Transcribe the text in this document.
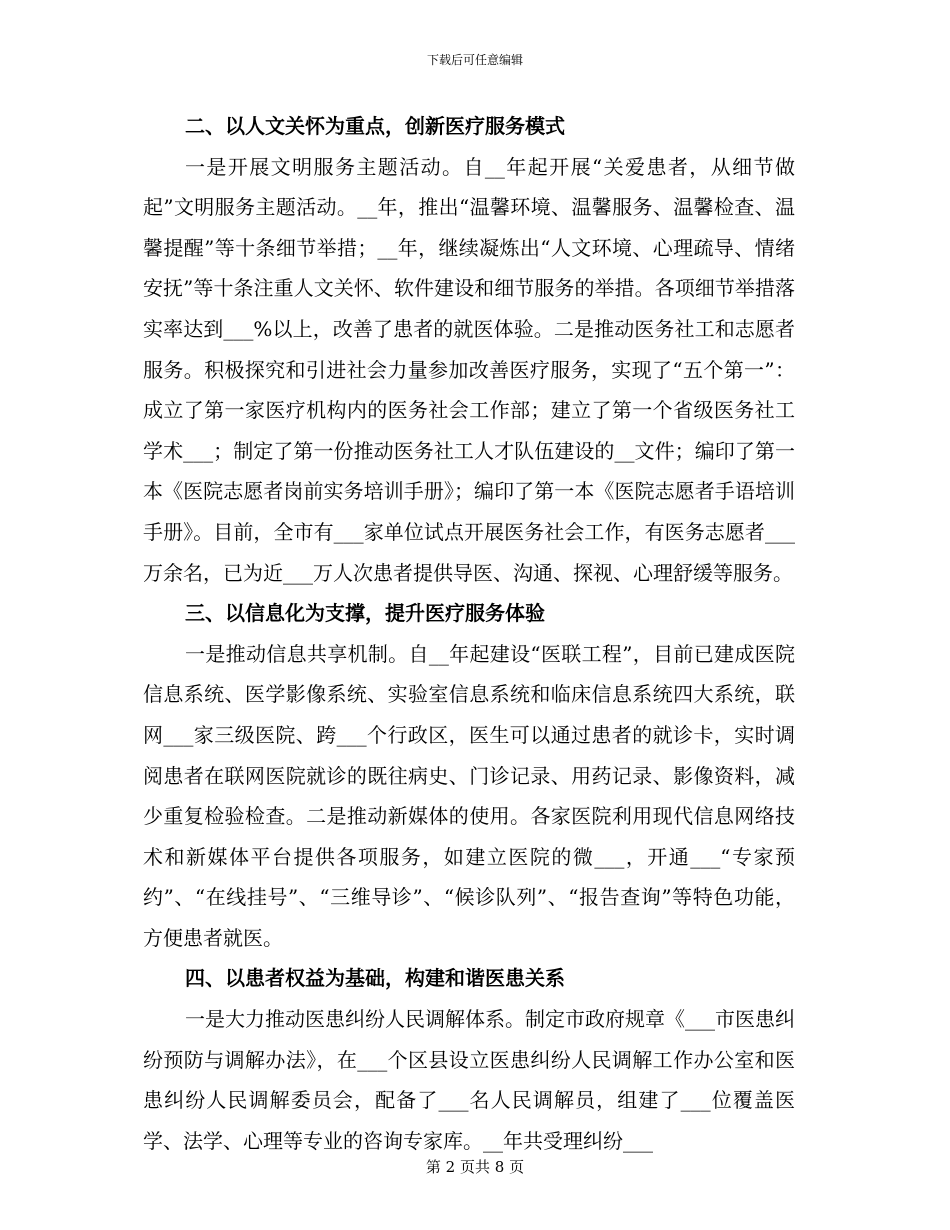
下载后可任意编辑

二、以人文关怀为重点，创新医疗服务模式

一是开展文明服务主题活动。自__年起开展“关爱患者，从细节做起”文明服务主题活动。__年，推出“温馨环境、温馨服务、温馨检查、温馨提醒”等十条细节举措；__年，继续凝炼出“人文环境、心理疏导、情绪安抚”等十条注重人文关怀、软件建设和细节服务的举措。各项细节举措落实率达到___%以上，改善了患者的就医体验。二是推动医务社工和志愿者服务。积极探究和引进社会力量参加改善医疗服务，实现了“五个第一”：成立了第一家医疗机构内的医务社会工作部；建立了第一个省级医务社工学术___；制定了第一份推动医务社工人才队伍建设的__文件；编印了第一本《医院志愿者岗前实务培训手册》；编印了第一本《医院志愿者手语培训手册》。目前，全市有___家单位试点开展医务社会工作，有医务志愿者___万余名，已为近___万人次患者提供导医、沟通、探视、心理舒缓等服务。

三、以信息化为支撑，提升医疗服务体验

一是推动信息共享机制。自__年起建设“医联工程”，目前已建成医院信息系统、医学影像系统、实验室信息系统和临床信息系统四大系统，联网___家三级医院、跨___个行政区，医生可以通过患者的就诊卡，实时调阅患者在联网医院就诊的既往病史、门诊记录、用药记录、影像资料，减少重复检验检查。二是推动新媒体的使用。各家医院利用现代信息网络技术和新媒体平台提供各项服务，如建立医院的微___，开通___“专家预约”、“在线挂号”、“三维导诊”、“候诊队列”、“报告查询”等特色功能，方便患者就医。

四、以患者权益为基础，构建和谐医患关系

一是大力推动医患纠纷人民调解体系。制定市政府规章《___市医患纠纷预防与调解办法》，在___个区县设立医患纠纷人民调解工作办公室和医患纠纷人民调解委员会，配备了___名人民调解员，组建了___位覆盖医学、法学、心理等专业的咨询专家库。__年共受理纠纷___

第 2 页共 8 页
